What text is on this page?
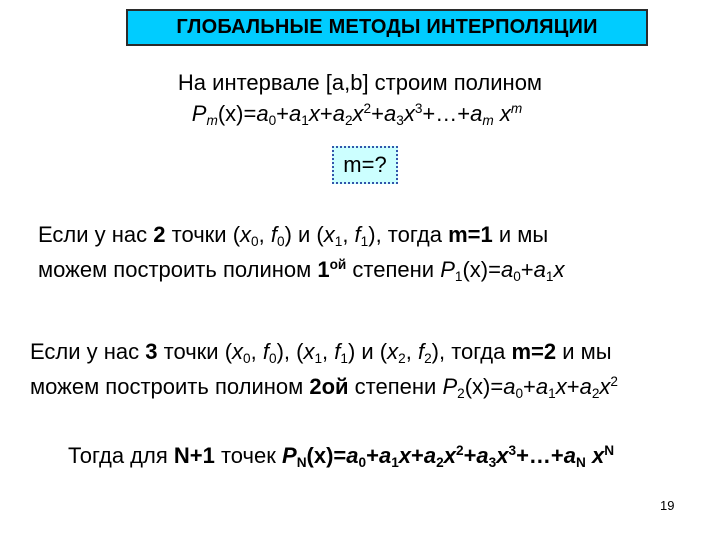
ГЛОБАЛЬНЫЕ МЕТОДЫ ИНТЕРПОЛЯЦИИ
На интервале [a,b] строим полином
$P_m(x)=a_0+a_1x+a_2x^2+a_3x^3+\dots+a_m$ $x^m$
m=?
Если у нас 2 точки ($x_0$, $f_0$) и ($x_1$, $f_1$), тогда m=1 и мы
можем построить полином $1^{ой}$ степени $P_1(x)=a_0+a_1x$
Если у нас 3 точки ($x_0$, $f_0$), ($x_1$, $f_1$) и ($x_2$, $f_2$), тогда m=2 и мы
можем построить полином 2ой степени $P_2(x)=a_0+a_1x+a_2x^2$
Тогда для N+1 точек $P_N(x)=a_0+a_1x+a_2x^2+a_3x^3+\dots+a_N$ $x^N$
19
